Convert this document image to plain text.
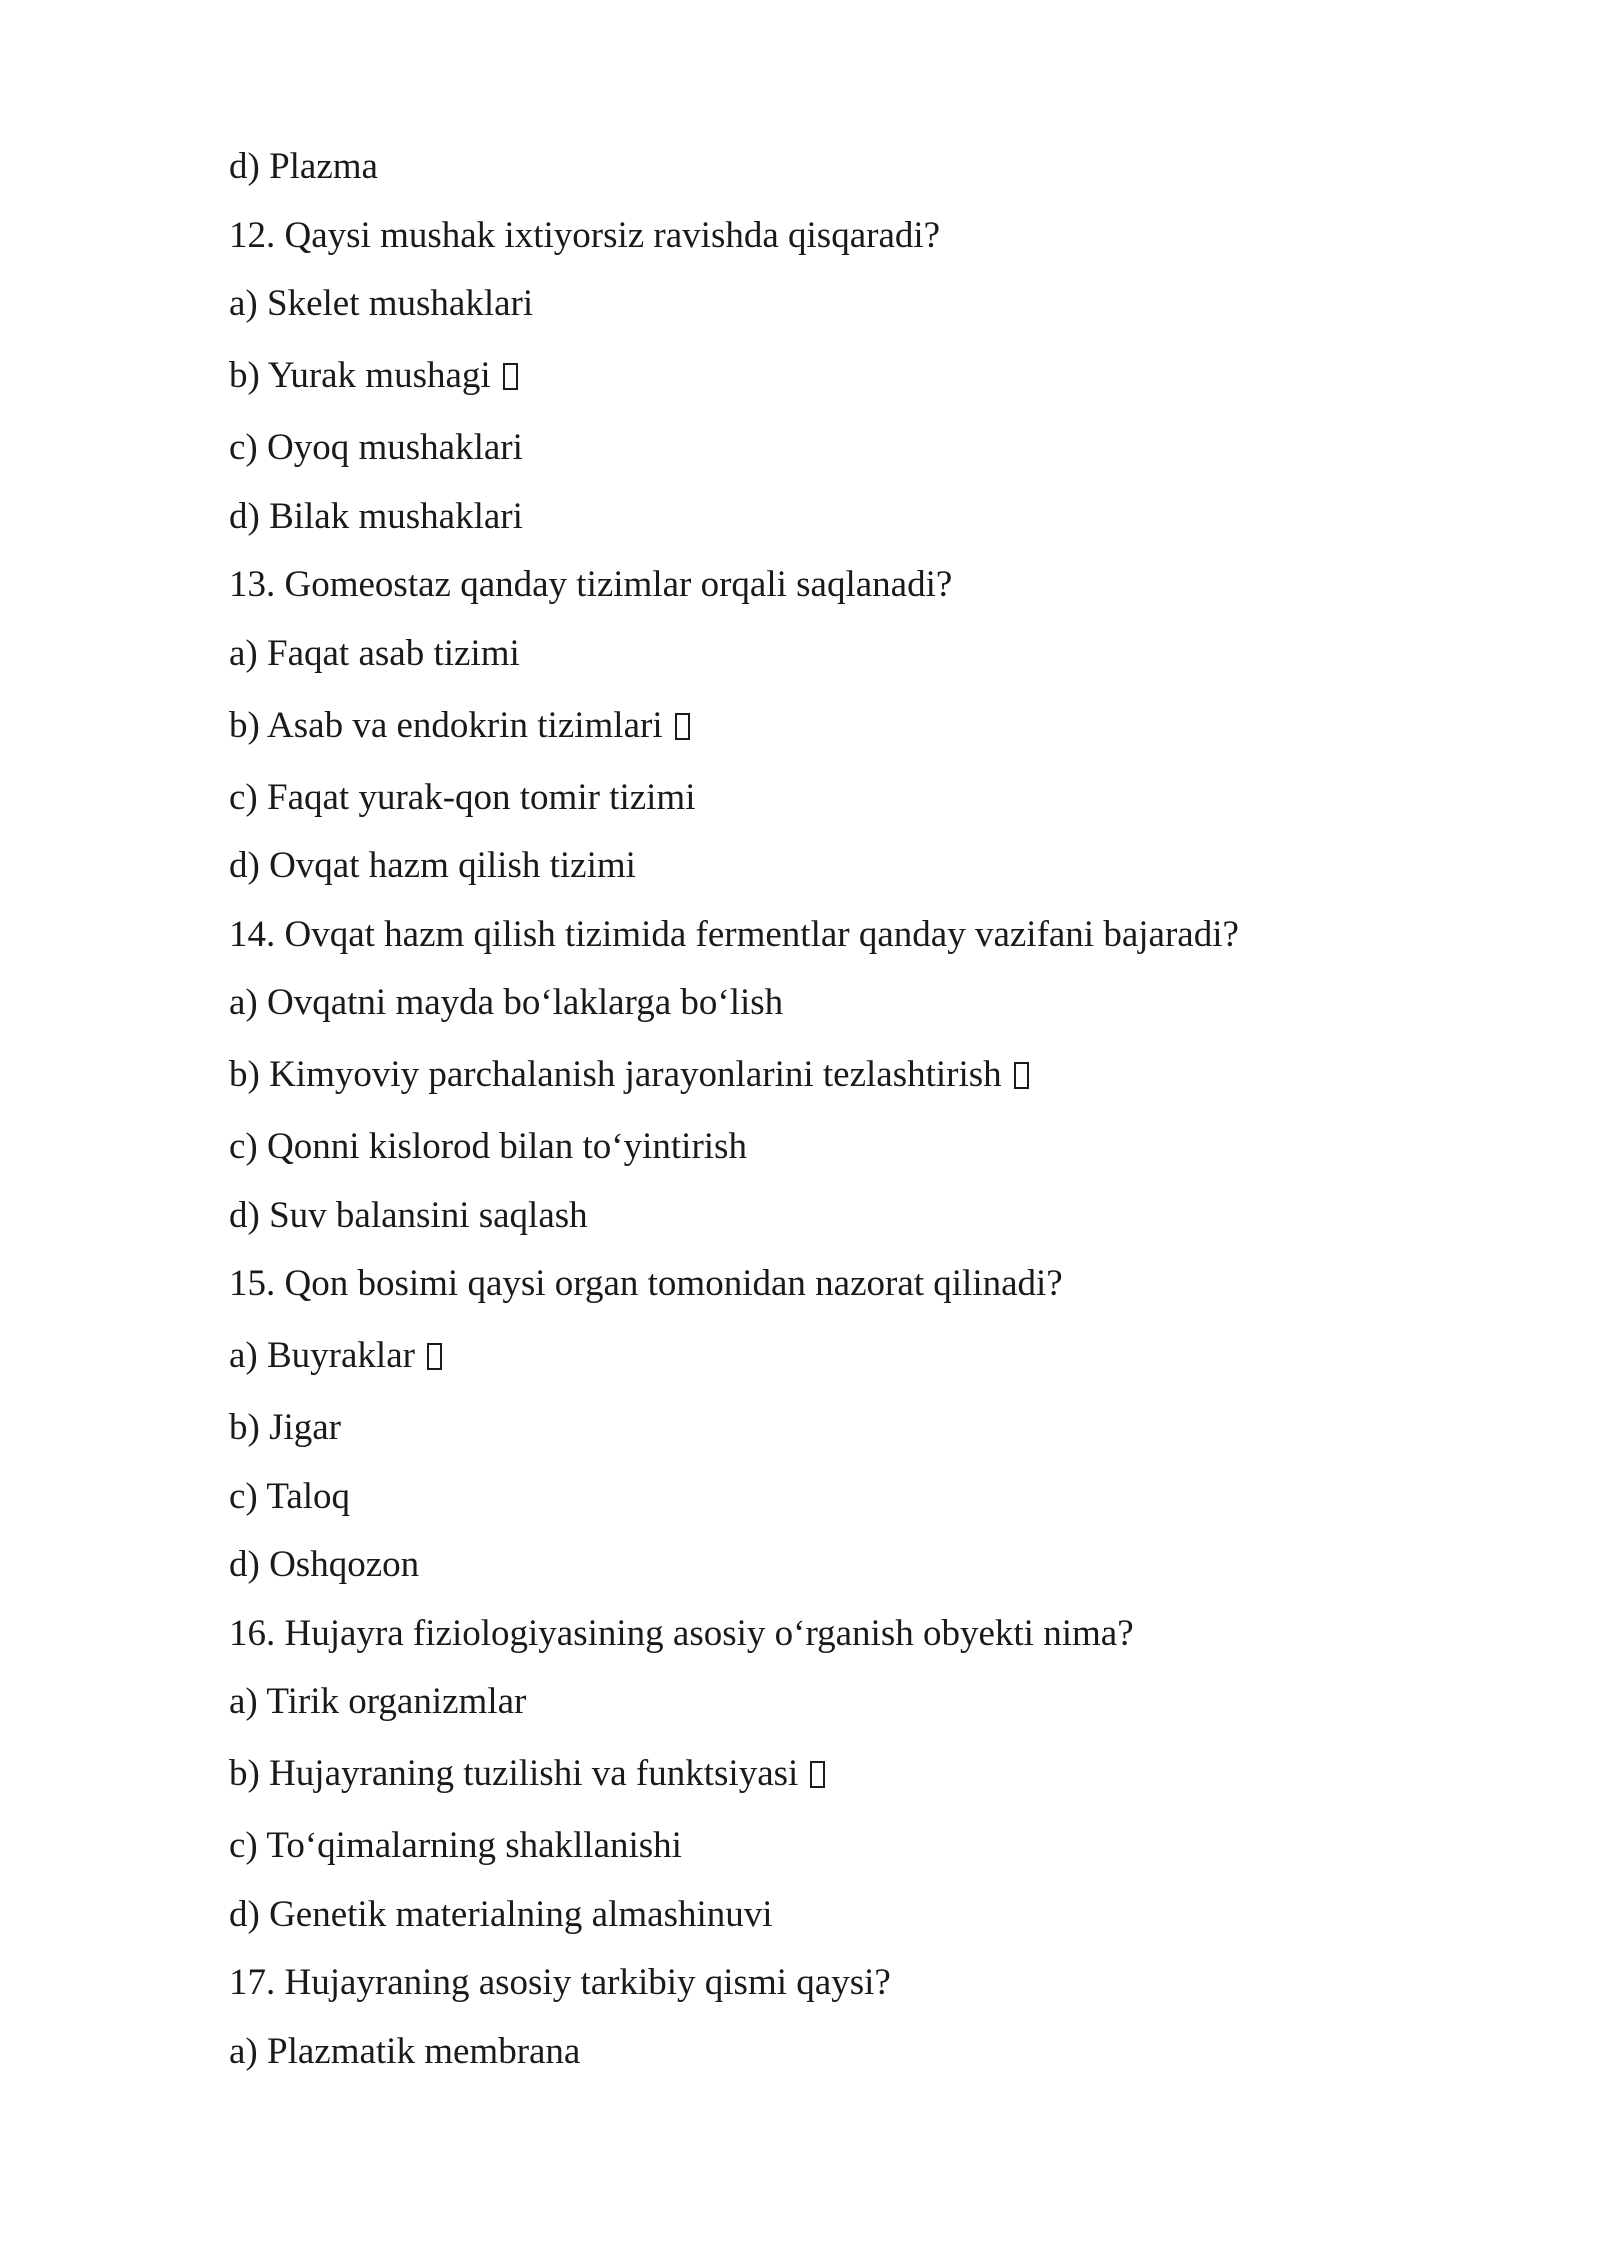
d) Plazma

12. Qaysi mushak ixtiyorsiz ravishda qisqaradi?

a) Skelet mushaklari

b) Yurak mushagi

c) Oyoq mushaklari

d) Bilak mushaklari

13. Gomeostaz qanday tizimlar orqali saqlanadi?

a) Faqat asab tizimi

b) Asab va endokrin tizimlari

c) Faqat yurak-qon tomir tizimi

d) Ovqat hazm qilish tizimi

14. Ovqat hazm qilish tizimida fermentlar qanday vazifani bajaradi?

a) Ovqatni mayda bo‘laklarga bo‘lish

b) Kimyoviy parchalanish jarayonlarini tezlashtirish

c) Qonni kislorod bilan to‘yintirish

d) Suv balansini saqlash

15. Qon bosimi qaysi organ tomonidan nazorat qilinadi?

a) Buyraklar

b) Jigar

c) Taloq

d) Oshqozon

16. Hujayra fiziologiyasining asosiy o‘rganish obyekti nima?

a) Tirik organizmlar

b) Hujayraning tuzilishi va funktsiyasi

c) To‘qimalarning shakllanishi

d) Genetik materialning almashinuvi

17. Hujayraning asosiy tarkibiy qismi qaysi?

a) Plazmatik membrana
